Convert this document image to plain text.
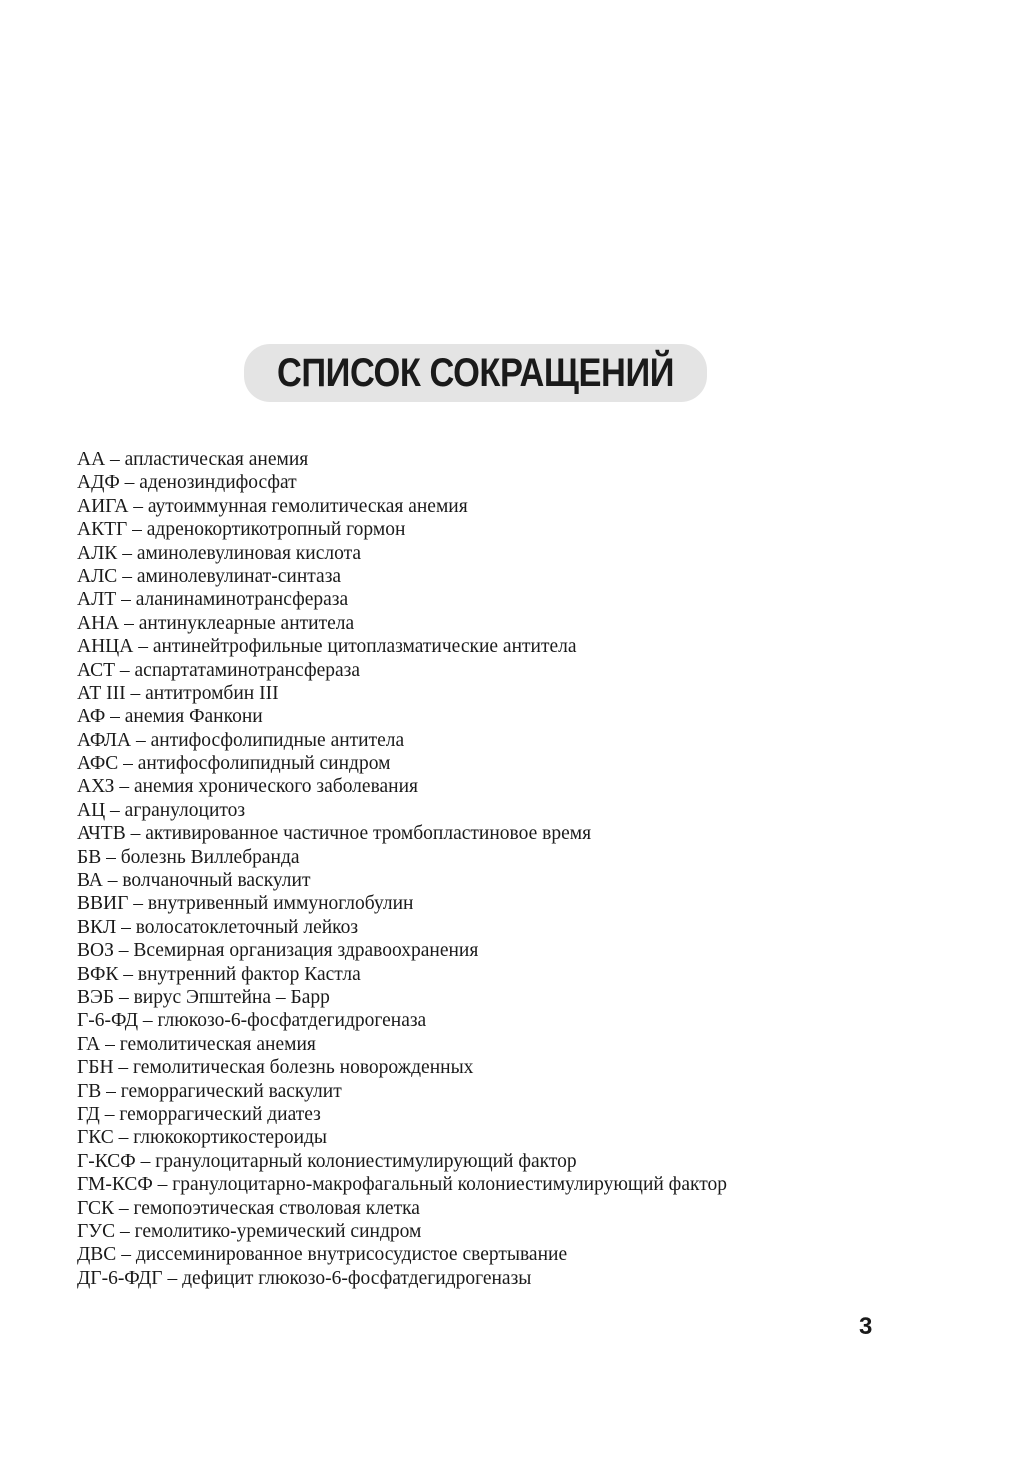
СПИСОК СОКРАЩЕНИЙ
АА – апластическая анемия
АДФ – аденозиндифосфат
АИГА – аутоиммунная гемолитическая анемия
АКТГ – адренокортикотропный гормон
АЛК – аминолевулиновая кислота
АЛС – аминолевулинат-синтаза
АЛТ – аланинаминотрансфераза
АНА – антинуклеарные антитела
АНЦА – антинейтрофильные цитоплазматические антитела
АСТ – аспартатаминотрансфераза
АТ III – антитромбин III
АФ – анемия Фанкони
АФЛА – антифосфолипидные антитела
АФС – антифосфолипидный синдром
АХЗ – анемия хронического заболевания
АЦ – агранулоцитоз
АЧТВ – активированное частичное тромбопластиновое время
БВ – болезнь Виллебранда
ВА – волчаночный васкулит
ВВИГ – внутривенный иммуноглобулин
ВКЛ – волосатоклеточный лейкоз
ВОЗ – Всемирная организация здравоохранения
ВФК – внутренний фактор Кастла
ВЭБ – вирус Эпштейна – Барр
Г-6-ФД – глюкозо-6-фосфатдегидрогеназа
ГА – гемолитическая анемия
ГБН – гемолитическая болезнь новорожденных
ГВ – геморрагический васкулит
ГД – геморрагический диатез
ГКС – глюкокортикостероиды
Г-КСФ – гранулоцитарный колониестимулирующий фактор
ГМ-КСФ – гранулоцитарно-макрофагальный колониестимулирующий фактор
ГСК – гемопоэтическая стволовая клетка
ГУС – гемолитико-уремический синдром
ДВС – диссеминированное внутрисосудистое свертывание
ДГ-6-ФДГ – дефицит глюкозо-6-фосфатдегидрогеназы
3
